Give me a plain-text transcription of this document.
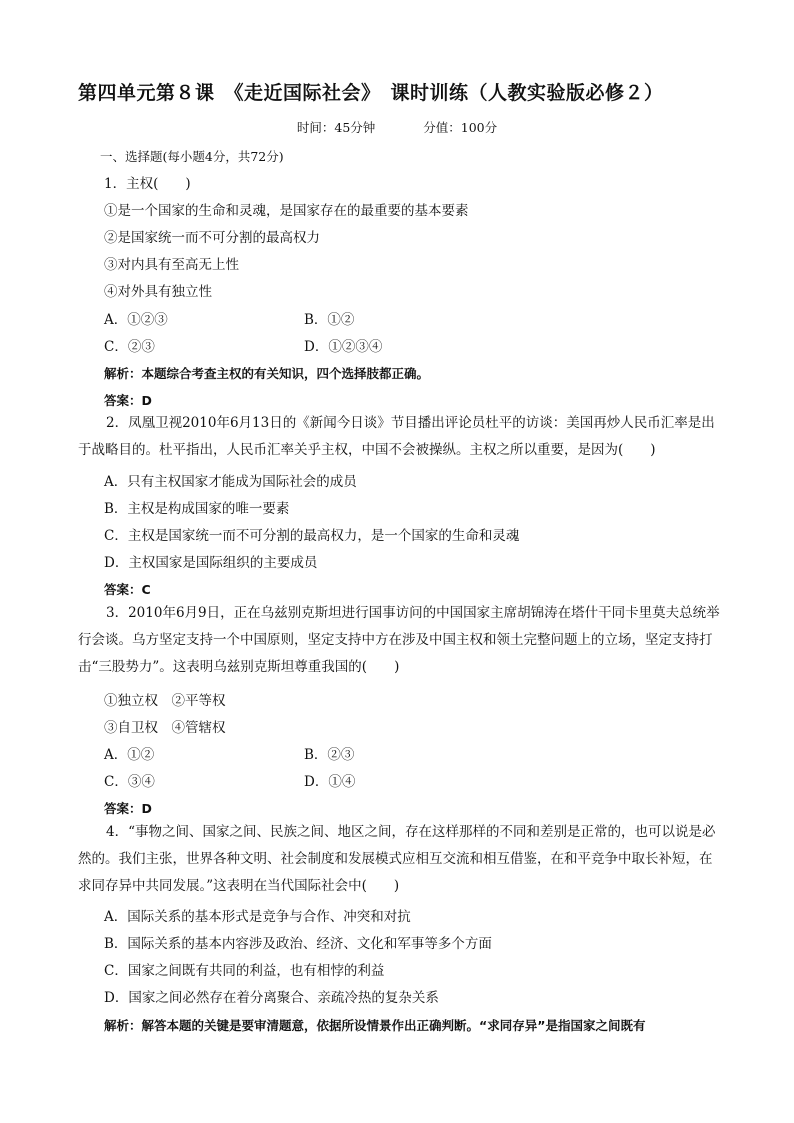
第四单元第８课　《走近国际社会》　课时训练（人教实验版必修２）
时间：45分钟	分值：100分
一、选择题(每小题4分，共72分)
1．主权(　　)
①是一个国家的生命和灵魂，是国家存在的最重要的基本要素
②是国家统一而不可分割的最高权力
③对内具有至高无上性
④对外具有独立性
A．①②③	B．①②
C．②③	D．①②③④
解析：本题综合考查主权的有关知识，四个选择肢都正确。
答案：D
2．凤凰卫视2010年6月13日的《新闻今日谈》节目播出评论员杜平的访谈：美国再炒人民币汇率是出于战略目的。杜平指出，人民币汇率关乎主权，中国不会被操纵。主权之所以重要，是因为(　　)
A．只有主权国家才能成为国际社会的成员
B．主权是构成国家的唯一要素
C．主权是国家统一而不可分割的最高权力，是一个国家的生命和灵魂
D．主权国家是国际组织的主要成员
答案：C
3．2010年6月9日，正在乌兹别克斯坦进行国事访问的中国国家主席胡锦涛在塔什干同卡里莫夫总统举行会谈。乌方坚定支持一个中国原则，坚定支持中方在涉及中国主权和领土完整问题上的立场，坚定支持打击“三股势力”。这表明乌兹别克斯坦尊重我国的(　　)
①独立权　②平等权
③自卫权　④管辖权
A．①②	B．②③
C．③④	D．①④
答案：D
4．“事物之间、国家之间、民族之间、地区之间，存在这样那样的不同和差别是正常的，也可以说是必然的。我们主张，世界各种文明、社会制度和发展模式应相互交流和相互借鉴，在和平竞争中取长补短，在求同存异中共同发展。”这表明在当代国际社会中(　　)
A．国际关系的基本形式是竞争与合作、冲突和对抗
B．国际关系的基本内容涉及政治、经济、文化和军事等多个方面
C．国家之间既有共同的利益，也有相悖的利益
D．国家之间必然存在着分离聚合、亲疏冷热的复杂关系
解析：解答本题的关键是要审清题意，依据所设情景作出正确判断。“求同存异”是指国家之间既有
